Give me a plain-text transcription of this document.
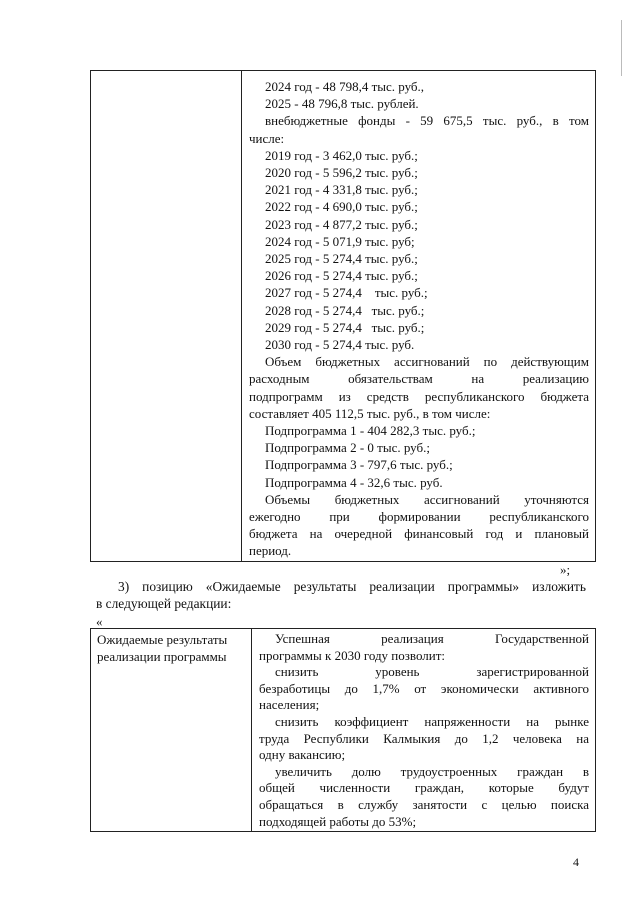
2024 год - 48 798,4 тыс. руб.,

2025 - 48 796,8 тыс. рублей.

внебюджетные фонды - 59 675,5 тыс. руб., в том

числе:

2019 год - 3 462,0 тыс. руб.;

2020 год - 5 596,2 тыс. руб.;

2021 год - 4 331,8 тыс. руб.;

2022 год - 4 690,0 тыс. руб.;

2023 год - 4 877,2 тыс. руб.;

2024 год - 5 071,9 тыс. руб;

2025 год - 5 274,4 тыс. руб.;

2026 год - 5 274,4 тыс. руб.;

2027 год - 5 274,4    тыс. руб.;

2028 год - 5 274,4   тыс. руб.;

2029 год - 5 274,4   тыс. руб.;

2030 год - 5 274,4 тыс. руб.

Объем бюджетных ассигнований по действующим

расходным обязательствам на реализацию

подпрограмм из средств республиканского бюджета

составляет 405 112,5 тыс. руб., в том числе:

Подпрограмма 1 - 404 282,3 тыс. руб.;

Подпрограмма 2 - 0 тыс. руб.;

Подпрограмма 3 - 797,6 тыс. руб.;

Подпрограмма 4 - 32,6 тыс. руб.

Объемы бюджетных ассигнований уточняются

ежегодно при формировании республиканского

бюджета на очередной финансовый год и плановый

период.

»;

3) позицию «Ожидаемые результаты реализации программы» изложить

в следующей редакции:

«

Ожидаемые результаты

реализации программы

Успешная реализация Государственной

программы к 2030 году позволит:

снизить уровень зарегистрированной

безработицы до 1,7% от экономически активного

населения;

снизить коэффициент напряженности на рынке

труда Республики Калмыкия до 1,2 человека на

одну вакансию;

увеличить долю трудоустроенных граждан в

общей численности граждан, которые будут

обращаться в службу занятости с целью поиска

подходящей работы до 53%;

4
